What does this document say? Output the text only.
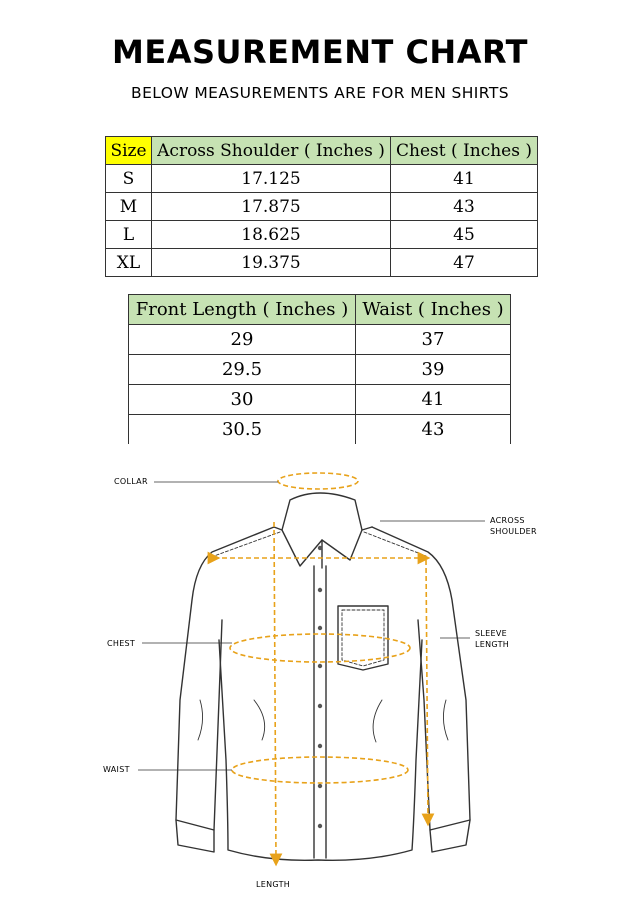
MEASUREMENT CHART
BELOW MEASUREMENTS ARE FOR MEN SHIRTS
Size	Across Shoulder ( Inches )	Chest ( Inches )
S	17.125	41
M	17.875	43
L	18.625	45
XL	19.375	47
Front Length ( Inches )	Waist ( Inches )
29	37
29.5	39
30	41
30.5	43
COLLAR
ACROSS
SHOULDER
CHEST
SLEEVE
LENGTH
WAIST
LENGTH
